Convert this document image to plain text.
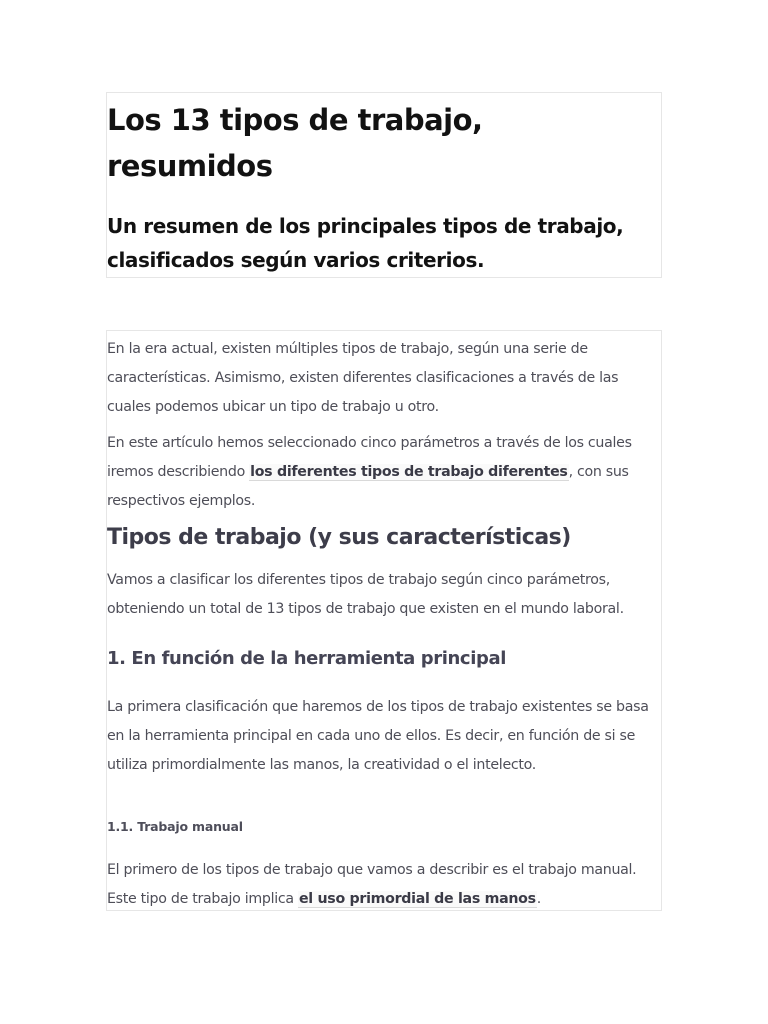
Los 13 tipos de trabajo, resumidos
Un resumen de los principales tipos de trabajo, clasificados según varios criterios.

En la era actual, existen múltiples tipos de trabajo, según una serie de características. Asimismo, existen diferentes clasificaciones a través de las cuales podemos ubicar un tipo de trabajo u otro.

En este artículo hemos seleccionado cinco parámetros a través de los cuales iremos describiendo los diferentes tipos de trabajo diferentes, con sus respectivos ejemplos.

Tipos de trabajo (y sus características)

Vamos a clasificar los diferentes tipos de trabajo según cinco parámetros, obteniendo un total de 13 tipos de trabajo que existen en el mundo laboral.

1. En función de la herramienta principal

La primera clasificación que haremos de los tipos de trabajo existentes se basa en la herramienta principal en cada uno de ellos. Es decir, en función de si se utiliza primordialmente las manos, la creatividad o el intelecto.

1.1. Trabajo manual

El primero de los tipos de trabajo que vamos a describir es el trabajo manual. Este tipo de trabajo implica el uso primordial de las manos.
